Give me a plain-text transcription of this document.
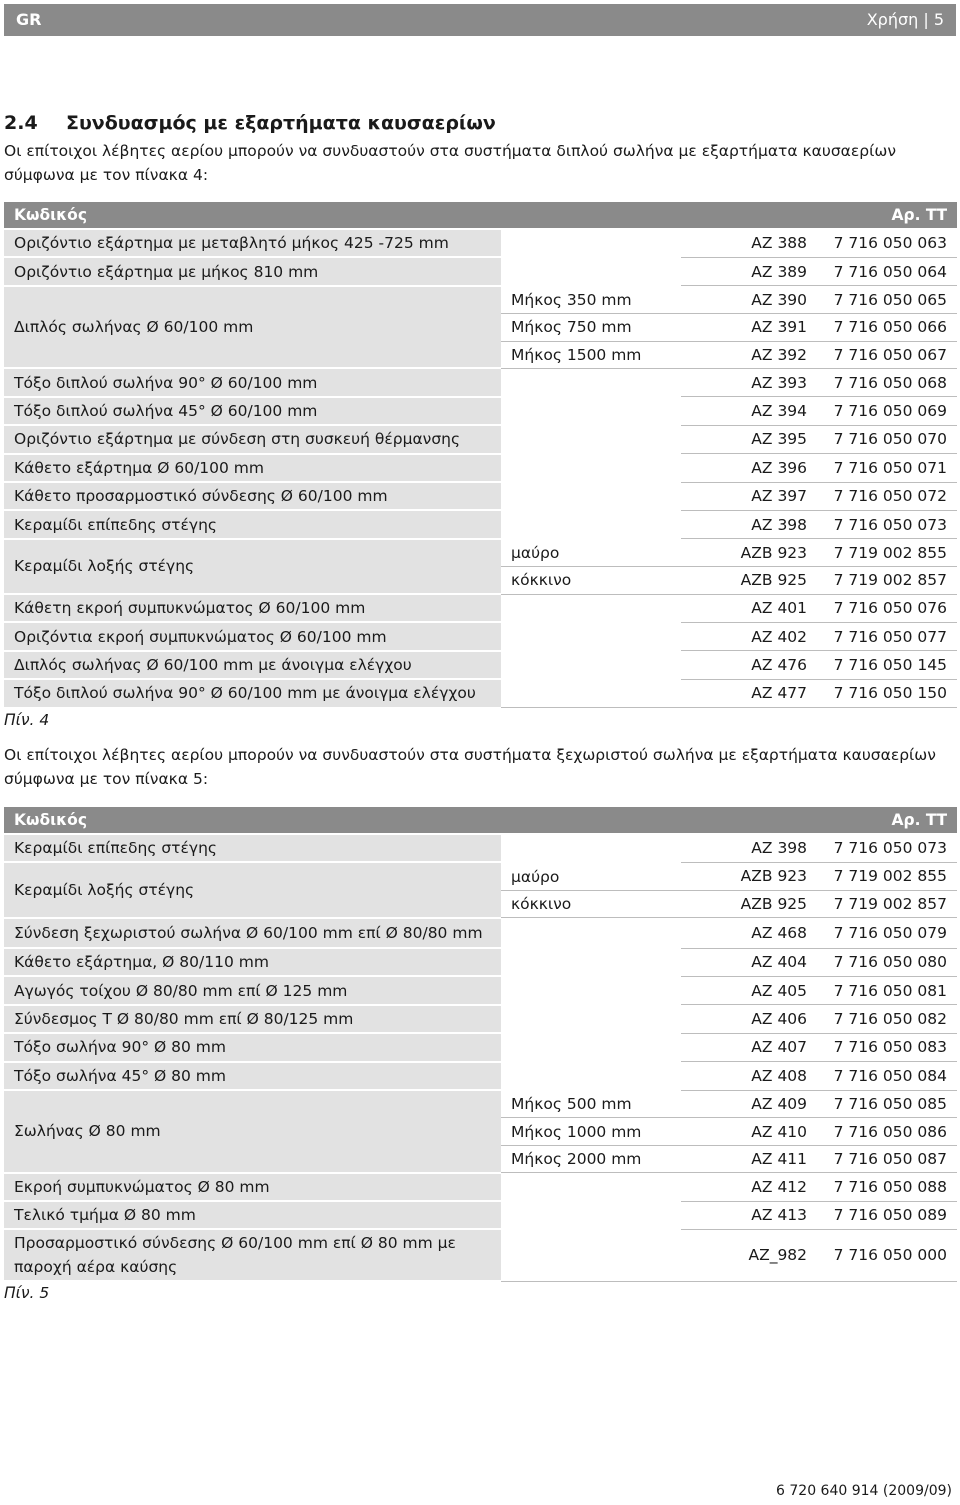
GR	Χρήση | 5
2.4 Συνδυασμός με εξαρτήματα καυσαερίων
Οι επίτοιχοι λέβητες αερίου μπορούν να συνδυαστούν στα συστήματα διπλού σωλήνα με εξαρτήματα καυσαερίων
σύμφωνα με τον πίνακα 4:
Κωδικός			Αρ. ΤΤ
Οριζόντιο εξάρτημα με μεταβλητό μήκος 425 -725 mm		AZ 388	7 716 050 063
Οριζόντιο εξάρτημα με μήκος 810 mm		AZ 389	7 716 050 064
Διπλός σωλήνας Ø 60/100 mm	Μήκος 350 mm	AZ 390	7 716 050 065
	Μήκος 750 mm	AZ 391	7 716 050 066
	Μήκος 1500 mm	AZ 392	7 716 050 067
Τόξο διπλού σωλήνα 90° Ø 60/100 mm		AZ 393	7 716 050 068
Τόξο διπλού σωλήνα 45° Ø 60/100 mm		AZ 394	7 716 050 069
Οριζόντιο εξάρτημα με σύνδεση στη συσκευή θέρμανσης		AZ 395	7 716 050 070
Κάθετο εξάρτημα Ø 60/100 mm		AZ 396	7 716 050 071
Κάθετο προσαρμοστικό σύνδεσης Ø 60/100 mm		AZ 397	7 716 050 072
Κεραμίδι επίπεδης στέγης		AZ 398	7 716 050 073
Κεραμίδι λοξής στέγης	μαύρο	AZB 923	7 719 002 855
	κόκκινο	AZB 925	7 719 002 857
Κάθετη εκροή συμπυκνώματος Ø 60/100 mm		AZ 401	7 716 050 076
Οριζόντια εκροή συμπυκνώματος Ø 60/100 mm		AZ 402	7 716 050 077
Διπλός σωλήνας Ø 60/100 mm με άνοιγμα ελέγχου		AZ 476	7 716 050 145
Τόξο διπλού σωλήνα 90° Ø 60/100 mm με άνοιγμα ελέγχου		AZ 477	7 716 050 150
Πίν. 4
Οι επίτοιχοι λέβητες αερίου μπορούν να συνδυαστούν στα συστήματα ξεχωριστού σωλήνα με εξαρτήματα καυσαερίων
σύμφωνα με τον πίνακα 5:
Κωδικός			Αρ. ΤΤ
Κεραμίδι επίπεδης στέγης		AZ 398	7 716 050 073
Κεραμίδι λοξής στέγης	μαύρο	AZB 923	7 719 002 855
	κόκκινο	AZB 925	7 719 002 857
Σύνδεση ξεχωριστού σωλήνα Ø 60/100 mm επί Ø 80/80 mm		AZ 468	7 716 050 079
Κάθετο εξάρτημα, Ø 80/110 mm		AZ 404	7 716 050 080
Αγωγός τοίχου Ø 80/80 mm επί Ø 125 mm		AZ 405	7 716 050 081
Σύνδεσμος Τ Ø 80/80 mm επί Ø 80/125 mm		AZ 406	7 716 050 082
Τόξο σωλήνα 90° Ø 80 mm		AZ 407	7 716 050 083
Τόξο σωλήνα 45° Ø 80 mm		AZ 408	7 716 050 084
Σωλήνας Ø 80 mm	Μήκος 500 mm	AZ 409	7 716 050 085
	Μήκος 1000 mm	AZ 410	7 716 050 086
	Μήκος 2000 mm	AZ 411	7 716 050 087
Εκροή συμπυκνώματος Ø 80 mm		AZ 412	7 716 050 088
Τελικό τμήμα Ø 80 mm		AZ 413	7 716 050 089
Προσαρμοστικό σύνδεσης Ø 60/100 mm επί Ø 80 mm με παροχή αέρα καύσης		AZ_982	7 716 050 000
Πίν. 5
6 720 640 914 (2009/09)
